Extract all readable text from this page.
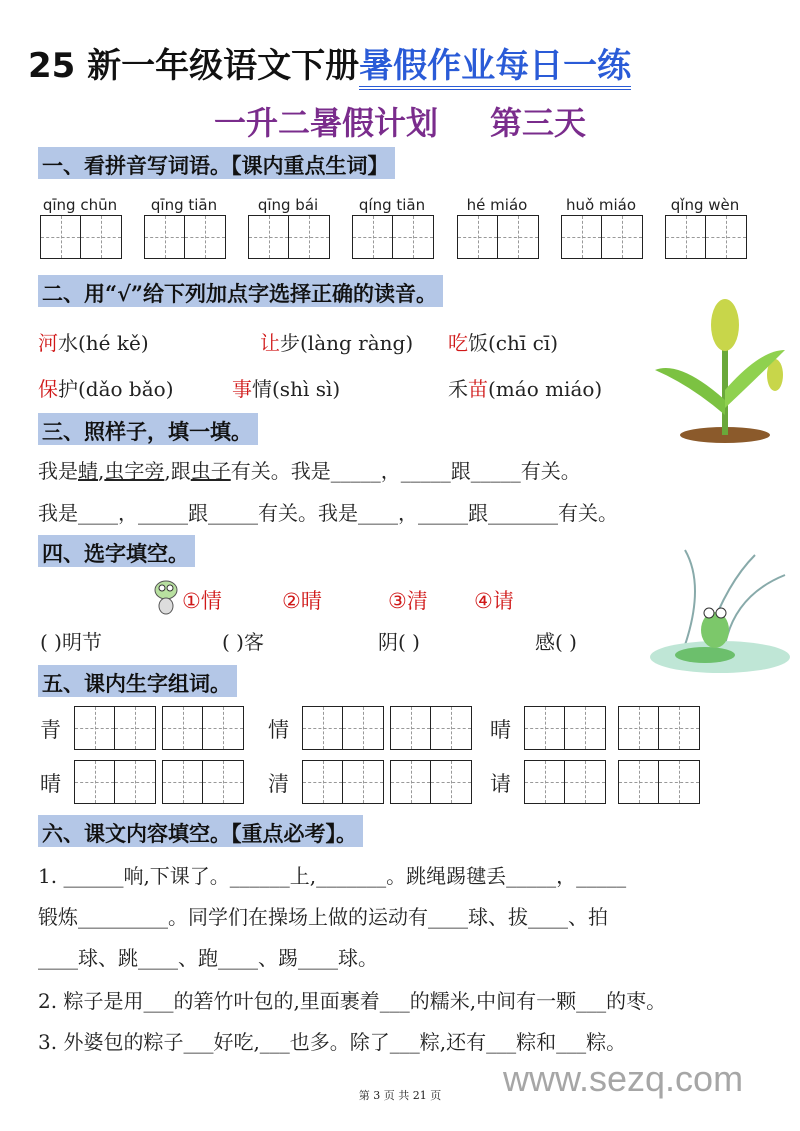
25 新一年级语文下册暑假作业每日一练
一升二暑假计划 第三天
一、看拼音写词语。【课内重点生词】
qīng chūn	qīng tiān	qīng bái	qíng tiān	hé miáo	huǒ miáo	qǐng wèn
二、用“√”给下列加点字选择正确的读音。
河水(hé kě)	让步(làng ràng) 吃饭(chī cī)
保护(dǎo bǎo)	事情(shì sì)	禾苗(máo miáo)
三、照样子，填一填。
我是蜻,虫字旁,跟虫子有关。我是_____，_____跟_____有关。
我是____，_____跟_____有关。我是____，_____跟_______有关。
四、选字填空。
①情	②晴	③清 ④请
( )明节	( )客	阴( )	感( )
五、课内生字组词。
青	情	晴
晴	清	请
六、课文内容填空。【重点必考】。
1. ______响,下课了。______上,_______。跳绳踢毽丢_____，_____
锻炼_________。同学们在操场上做的运动有____球、拔____、拍
____球、跳____、跑____、踢____球。
2. 粽子是用___的箬竹叶包的,里面裹着___的糯米,中间有一颗___的枣。
3. 外婆包的粽子___好吃,___也多。除了___粽,还有___粽和___粽。
www.sezq.com
第 3 页 共 21 页
